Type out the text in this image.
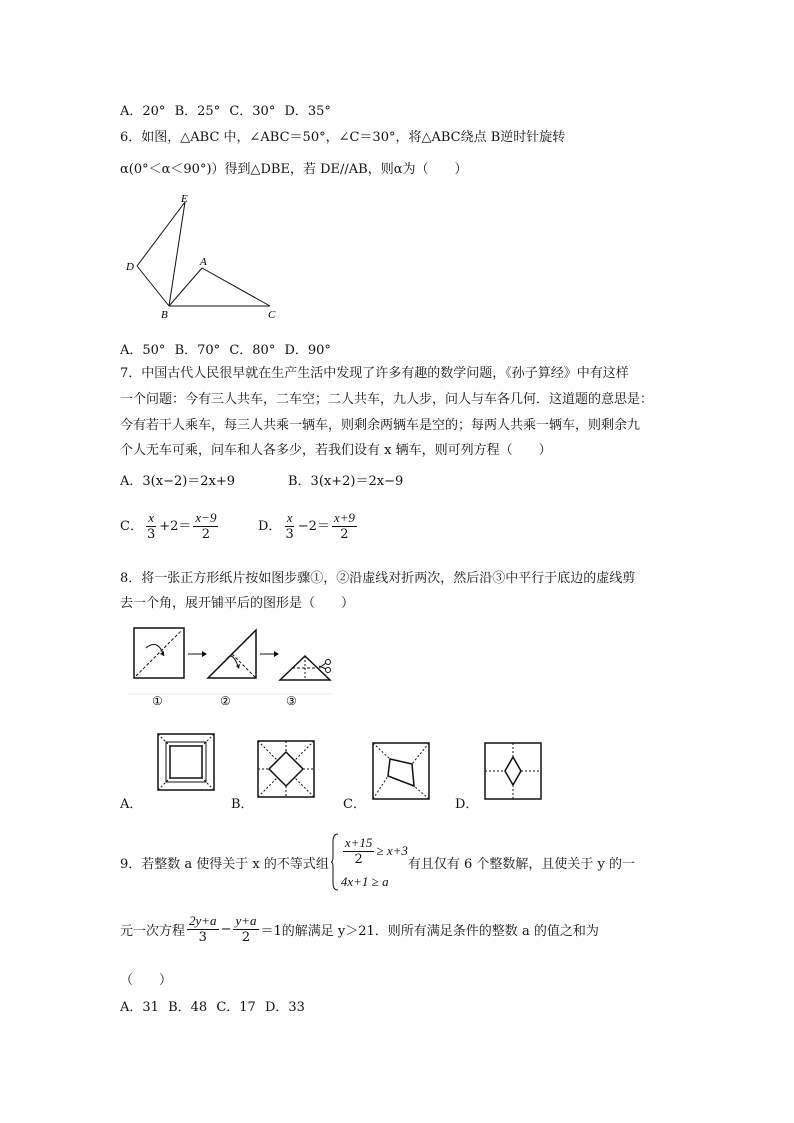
A．20° B．25° C．30° D．35°
6．如图，△ABC 中，∠ABC＝50°，∠C＝30°，将△ABC绕点 B逆时针旋转
α(0°＜α＜90°)）得到△DBE，若 DE//AB，则α为（　　）
E
D	A
B	C
A．50° B．70° C．80° D．90°
7．中国古代人民很早就在生产生活中发现了许多有趣的数学问题，《孙子算经》中有这样
一个问题：今有三人共车，二车空；二人共车，九人步，问人与车各几何．这道题的意思是：
今有若干人乘车，每三人共乘一辆车，则剩余两辆车是空的；每两人共乘一辆车，则剩余九
个人无车可乘，问车和人各多少，若我们设有 x 辆车，则可列方程（　　）
A．3(x−2)＝2x+9	B．3(x+2)＝2x−9
C． $\frac{x}{3} +2= \frac{x-9}{2}$	D． $\frac{x}{3} -2= \frac{x+9}{2}$
8．将一张正方形纸片按如图步骤①，②沿虚线对折两次，然后沿③中平行于底边的虚线剪
去一个角，展开铺平后的图形是（　　）
①	②	③
A．	B．	C．	D．
9．若整数 a 使得关于 x 的不等式组 $\frac{x+15}{2} \ge x+3$
4x+1 ≥ a
有且仅有 6 个整数解，且使关于 y 的一
元一次方程 $\frac{2y+a}{3} - \frac{y+a}{2} =1$的解满足 y＞21．则所有满足条件的整数 a 的值之和为
（　　）
A．31 B．48 C．17 D．33
